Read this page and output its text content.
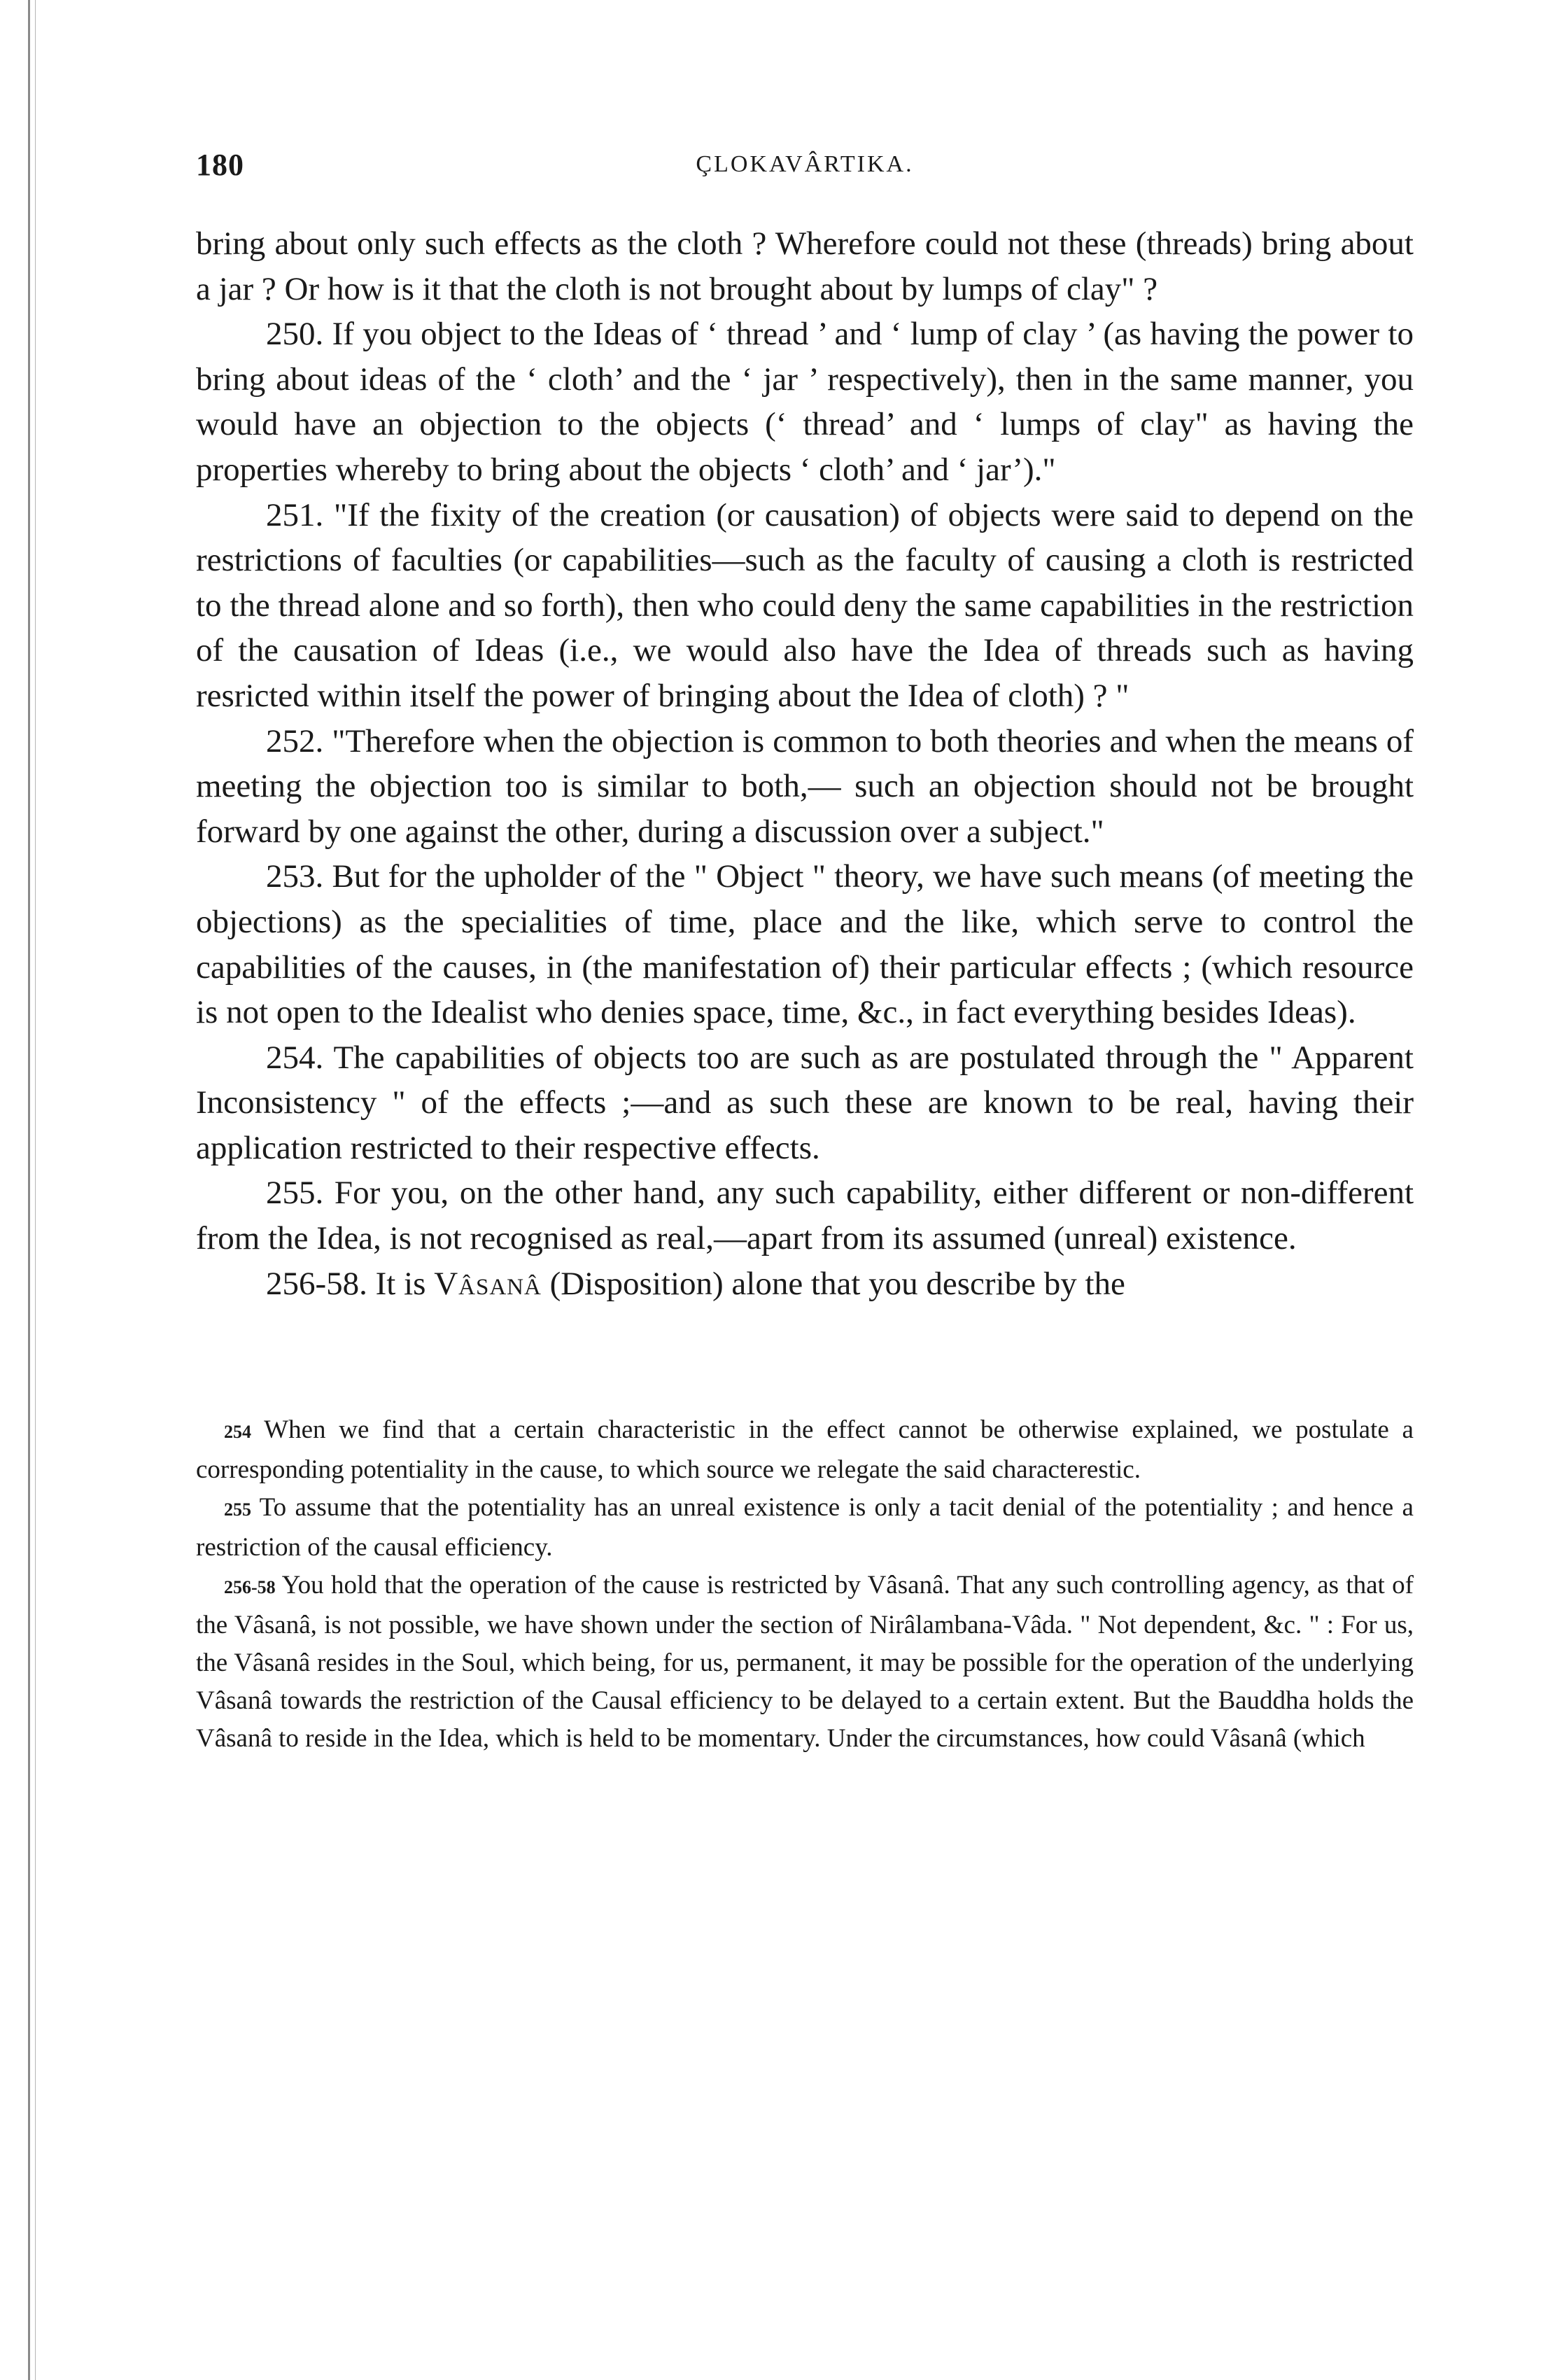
180	ÇLOKAVÂRTIKA.

bring about only such effects as the cloth ? Wherefore could not these (threads) bring about a jar ? Or how is it that the cloth is not brought about by lumps of clay" ?

250. If you object to the Ideas of ‘ thread ’ and ‘ lump of clay ’ (as having the power to bring about ideas of the ‘ cloth’ and the ‘ jar ’ respectively), then in the same manner, you would have an objection to the objects (‘ thread’ and ‘ lumps of clay" as having the properties whereby to bring about the objects ‘ cloth’ and ‘ jar’)."

251. "If the fixity of the creation (or causation) of objects were said to depend on the restrictions of faculties (or capabilities—such as the faculty of causing a cloth is restricted to the thread alone and so forth), then who could deny the same capabilities in the restriction of the causation of Ideas (i.e., we would also have the Idea of threads such as having resricted within itself the power of bringing about the Idea of cloth) ? "

252. "Therefore when the objection is common to both theories and when the means of meeting the objection too is similar to both,— such an objection should not be brought forward by one against the other, during a discussion over a subject."

253. But for the upholder of the " Object " theory, we have such means (of meeting the objections) as the specialities of time, place and the like, which serve to control the capabilities of the causes, in (the manifestation of) their particular effects ; (which resource is not open to the Idealist who denies space, time, &c., in fact everything besides Ideas).

254. The capabilities of objects too are such as are postulated through the " Apparent Inconsistency " of the effects ;—and as such these are known to be real, having their application restricted to their respective effects.

255. For you, on the other hand, any such capability, either different or non-different from the Idea, is not recognised as real,—apart from its assumed (unreal) existence.

256-58. It is Vâsanâ (Disposition) alone that you describe by the

254 When we find that a certain characteristic in the effect cannot be otherwise explained, we postulate a corresponding potentiality in the cause, to which source we relegate the said characterestic.

255 To assume that the potentiality has an unreal existence is only a tacit denial of the potentiality ; and hence a restriction of the causal efficiency.

256-58 You hold that the operation of the cause is restricted by Vâsanâ. That any such controlling agency, as that of the Vâsanâ, is not possible, we have shown under the section of Nirâlambana-Vâda. " Not dependent, &c. " : For us, the Vâsanâ resides in the Soul, which being, for us, permanent, it may be possible for the operation of the underlying Vâsanâ towards the restriction of the Causal efficiency to be delayed to a certain extent. But the Bauddha holds the Vâsanâ to reside in the Idea, which is held to be momentary. Under the circumstances, how could Vâsanâ (which
